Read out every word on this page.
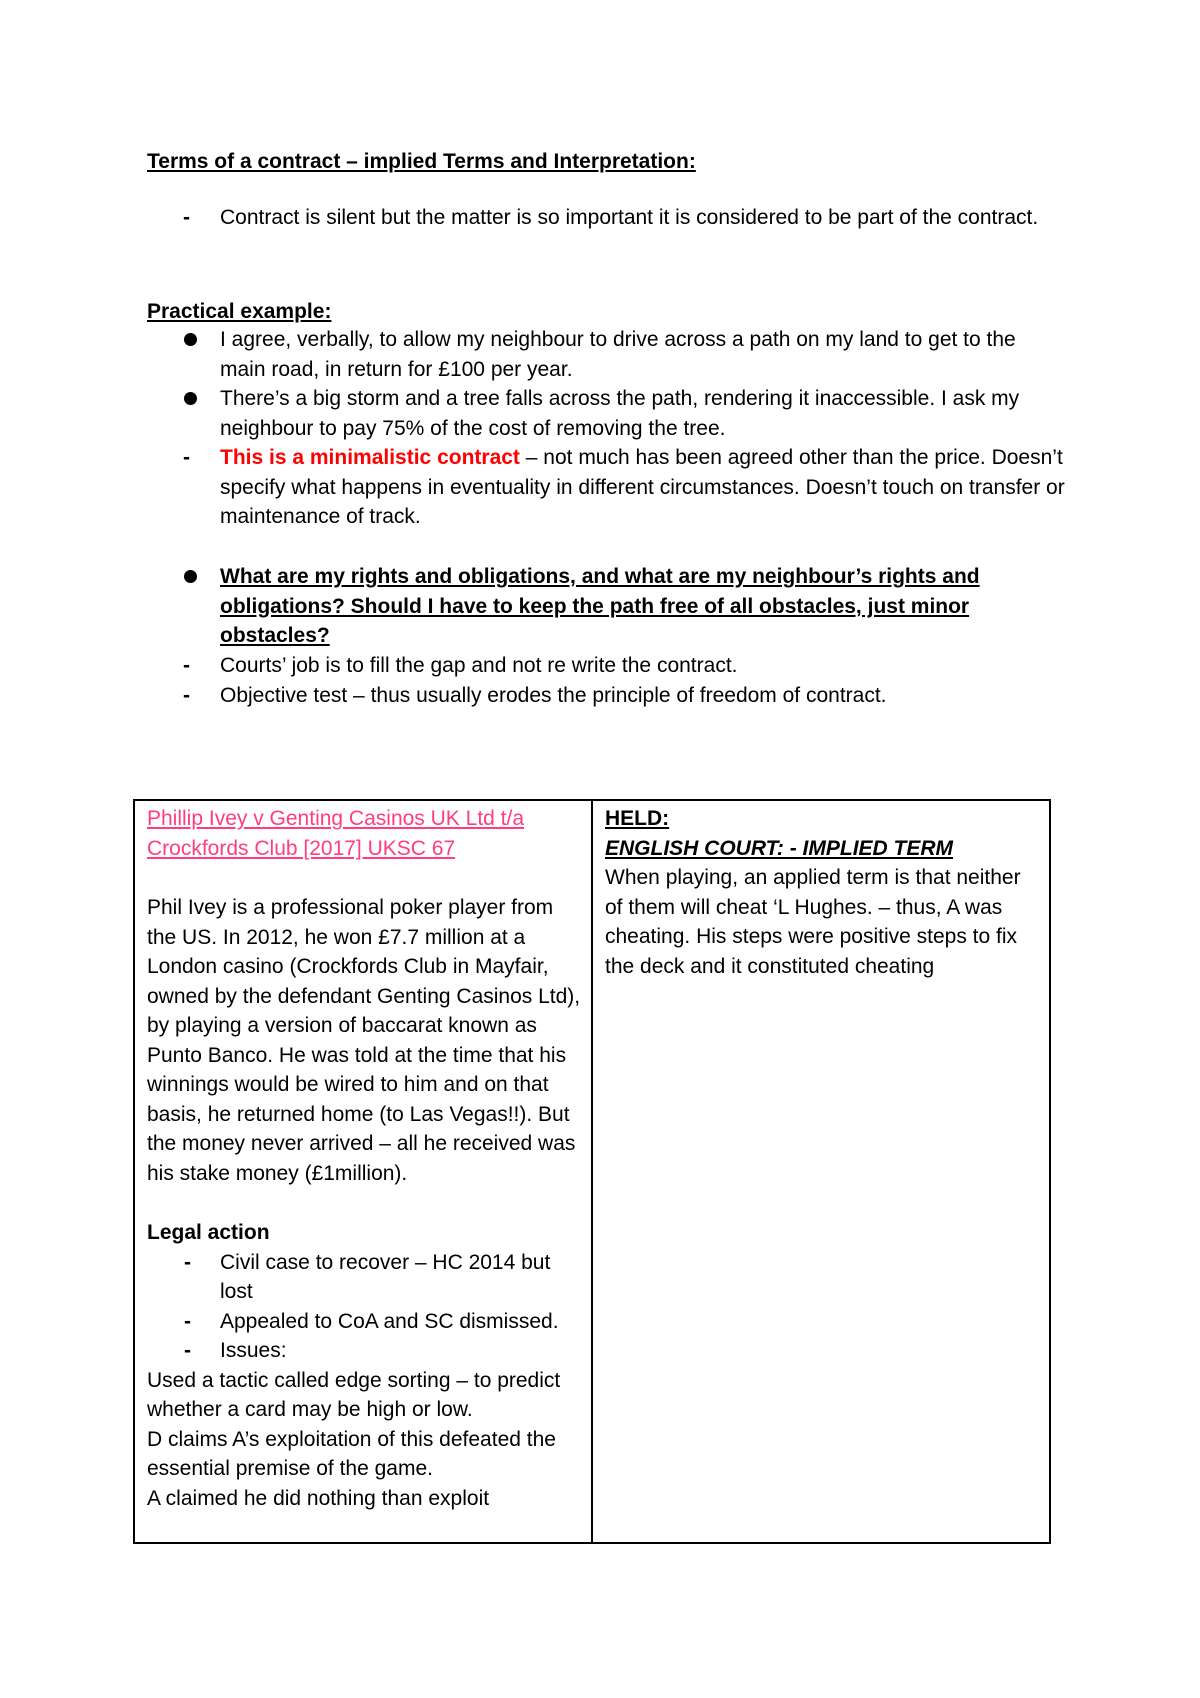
Terms of a contract – implied Terms and Interpretation:
-
Contract is silent but the matter is so important it is considered to be part of the contract.
Practical example:
I agree, verbally, to allow my neighbour to drive across a path on my land to get to the main road, in return for £100 per year.
There’s a big storm and a tree falls across the path, rendering it inaccessible. I ask my neighbour to pay 75% of the cost of removing the tree.
-
This is a minimalistic contract – not much has been agreed other than the price. Doesn’t specify what happens in eventuality in different circumstances. Doesn’t touch on transfer or maintenance of track.
What are my rights and obligations, and what are my neighbour’s rights and obligations? Should I have to keep the path free of all obstacles, just minor obstacles?
-
Courts’ job is to fill the gap and not re write the contract.
-
Objective test – thus usually erodes the principle of freedom of contract.
Phillip Ivey v Genting Casinos UK Ltd t/a Crockfords Club [2017] UKSC 67
Phil Ivey is a professional poker player from the US. In 2012, he won £7.7 million at a London casino (Crockfords Club in Mayfair, owned by the defendant Genting Casinos Ltd), by playing a version of baccarat known as Punto Banco. He was told at the time that his winnings would be wired to him and on that basis, he returned home (to Las Vegas!!). But the money never arrived – all he received was his stake money (£1million).
Legal action
- Civil case to recover – HC 2014 but lost
- Appealed to CoA and SC dismissed.
- Issues:
Used a tactic called edge sorting – to predict whether a card may be high or low.
D claims A’s exploitation of this defeated the essential premise of the game.
A claimed he did nothing than exploit
HELD:
ENGLISH COURT: - IMPLIED TERM
When playing, an applied term is that neither of them will cheat ‘L Hughes. – thus, A was cheating. His steps were positive steps to fix the deck and it constituted cheating
